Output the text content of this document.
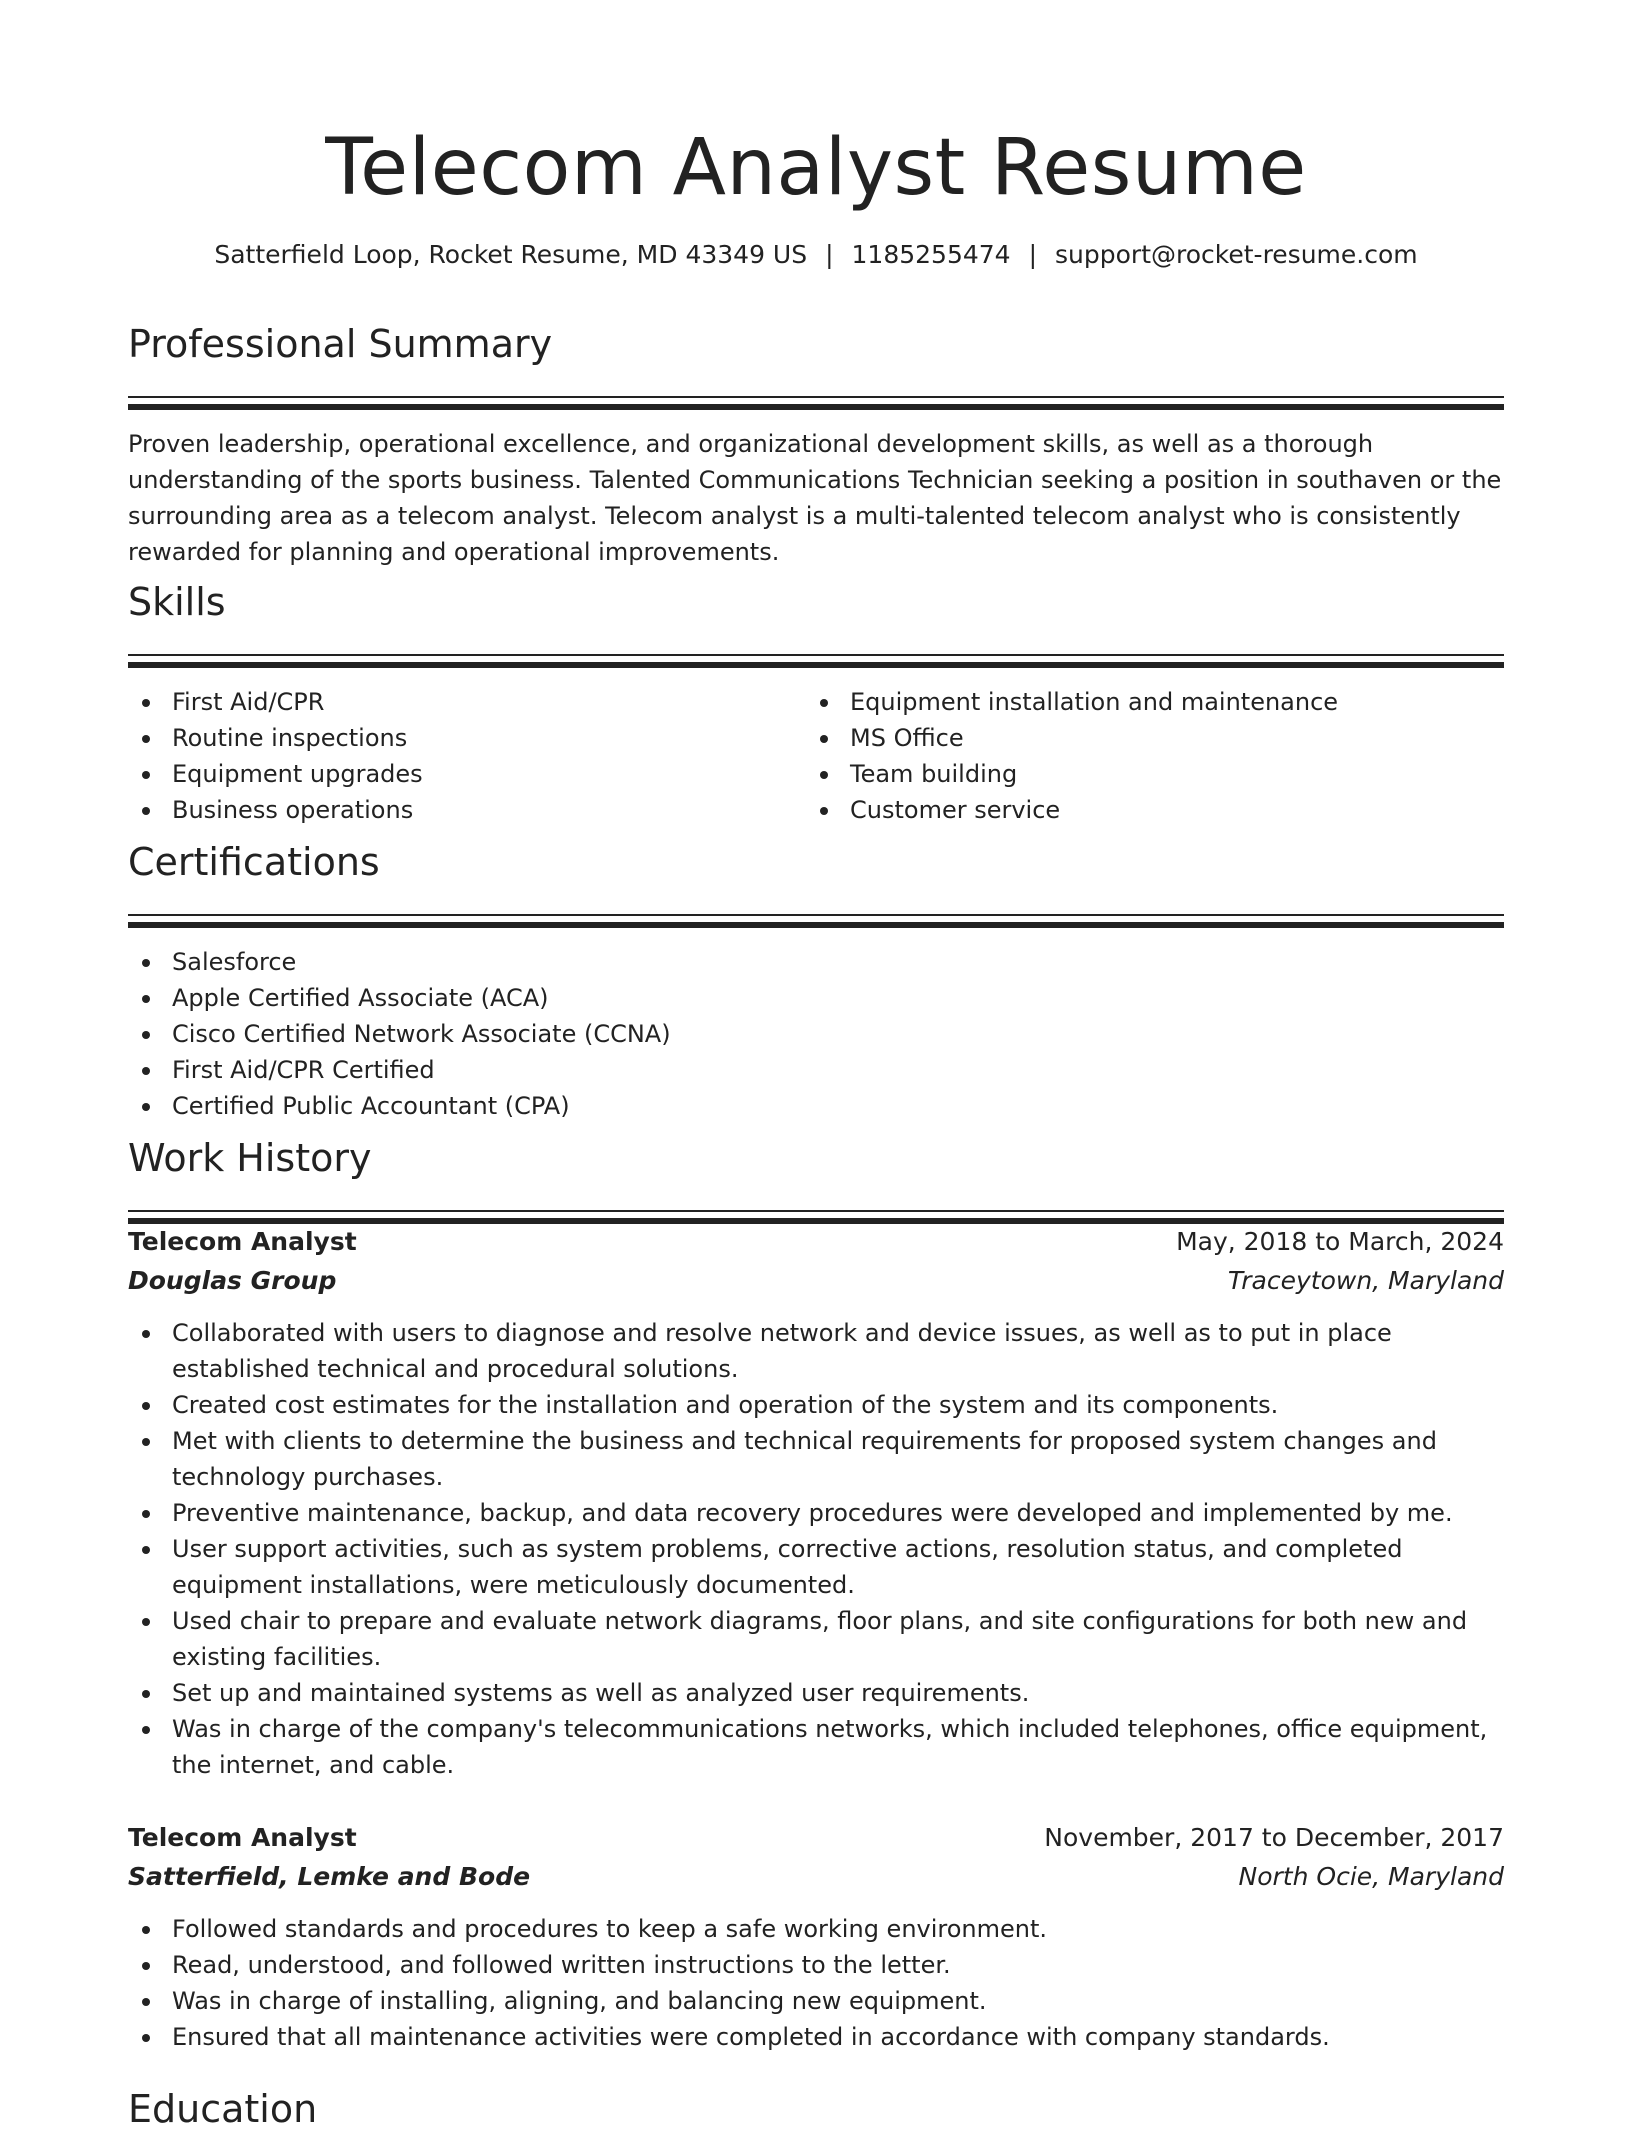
Telecom Analyst Resume
Satterfield Loop, Rocket Resume, MD 43349 US | 1185255474 | support@rocket-resume.com
Professional Summary
Proven leadership, operational excellence, and organizational development skills, as well as a thorough understanding of the sports business. Talented Communications Technician seeking a position in southaven or the surrounding area as a telecom analyst. Telecom analyst is a multi-talented telecom analyst who is consistently rewarded for planning and operational improvements.
Skills
First Aid/CPR
Routine inspections
Equipment upgrades
Business operations
Equipment installation and maintenance
MS Office
Team building
Customer service
Certifications
Salesforce
Apple Certified Associate (ACA)
Cisco Certified Network Associate (CCNA)
First Aid/CPR Certified
Certified Public Accountant (CPA)
Work History
Telecom Analyst	May, 2018 to March, 2024
Douglas Group	Traceytown, Maryland
Collaborated with users to diagnose and resolve network and device issues, as well as to put in place established technical and procedural solutions.
Created cost estimates for the installation and operation of the system and its components.
Met with clients to determine the business and technical requirements for proposed system changes and technology purchases.
Preventive maintenance, backup, and data recovery procedures were developed and implemented by me.
User support activities, such as system problems, corrective actions, resolution status, and completed equipment installations, were meticulously documented.
Used chair to prepare and evaluate network diagrams, floor plans, and site configurations for both new and existing facilities.
Set up and maintained systems as well as analyzed user requirements.
Was in charge of the company's telecommunications networks, which included telephones, office equipment, the internet, and cable.
Telecom Analyst	November, 2017 to December, 2017
Satterfield, Lemke and Bode	North Ocie, Maryland
Followed standards and procedures to keep a safe working environment.
Read, understood, and followed written instructions to the letter.
Was in charge of installing, aligning, and balancing new equipment.
Ensured that all maintenance activities were completed in accordance with company standards.
Education
